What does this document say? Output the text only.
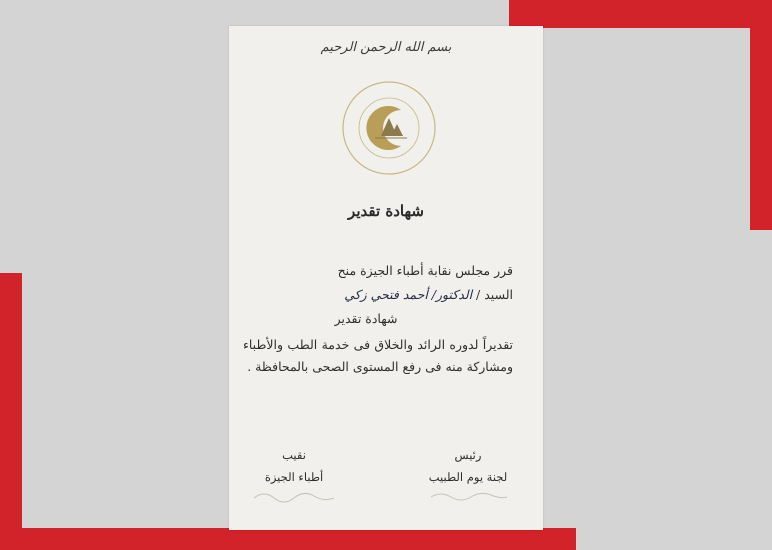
بسم الله الرحمن الرحيم
شهادة تقدير
قرر مجلس نقابة أطباء الجيزة منح
السيد / الدكتور/ أحمد فتحي زكي
شهادة تقدير
تقديراً لدوره الرائد والخلاق فى خدمة الطب والأطباء ومشاركة منه فى رفع المستوى الصحى بالمحافظة .
نقيب
أطباء الجيزة
رئيس
لجنة يوم الطبيب
